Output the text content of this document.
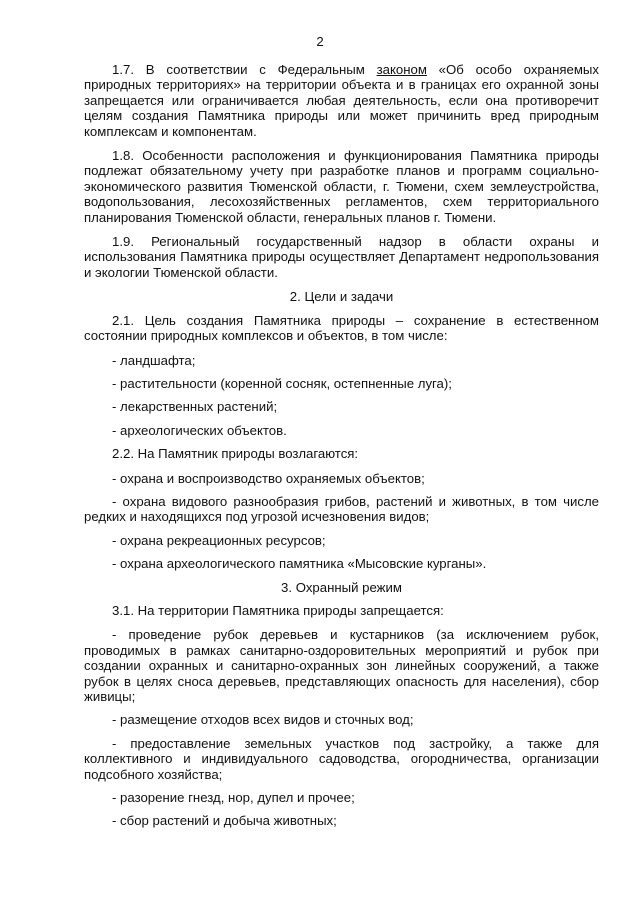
2

1.7. В соответствии с Федеральным законом «Об особо охраняемых природных территориях» на территории объекта и в границах его охранной зоны запрещается или ограничивается любая деятельность, если она противоречит целям создания Памятника природы или может причинить вред природным комплексам и компонентам.

1.8. Особенности расположения и функционирования Памятника природы подлежат обязательному учету при разработке планов и программ социально-экономического развития Тюменской области, г. Тюмени, схем землеустройства, водопользования, лесохозяйственных регламентов, схем территориального планирования Тюменской области, генеральных планов г. Тюмени.

1.9. Региональный государственный надзор в области охраны и использования Памятника природы осуществляет Департамент недропользования и экологии Тюменской области.

2. Цели и задачи

2.1. Цель создания Памятника природы – сохранение в естественном состоянии природных комплексов и объектов, в том числе:

- ландшафта;

- растительности (коренной сосняк, остепненные луга);

- лекарственных растений;

- археологических объектов.

2.2. На Памятник природы возлагаются:

- охрана и воспроизводство охраняемых объектов;

- охрана видового разнообразия грибов, растений и животных, в том числе редких и находящихся под угрозой исчезновения видов;

- охрана рекреационных ресурсов;

- охрана археологического памятника «Мысовские курганы».

3. Охранный режим

3.1. На территории Памятника природы запрещается:

- проведение рубок деревьев и кустарников (за исключением рубок, проводимых в рамках санитарно-оздоровительных мероприятий и рубок при создании охранных и санитарно-охранных зон линейных сооружений, а также рубок в целях сноса деревьев, представляющих опасность для населения), сбор живицы;

- размещение отходов всех видов и сточных вод;

- предоставление земельных участков под застройку, а также для коллективного и индивидуального садоводства, огородничества, организации подсобного хозяйства;

- разорение гнезд, нор, дупел и прочее;

- сбор растений и добыча животных;
